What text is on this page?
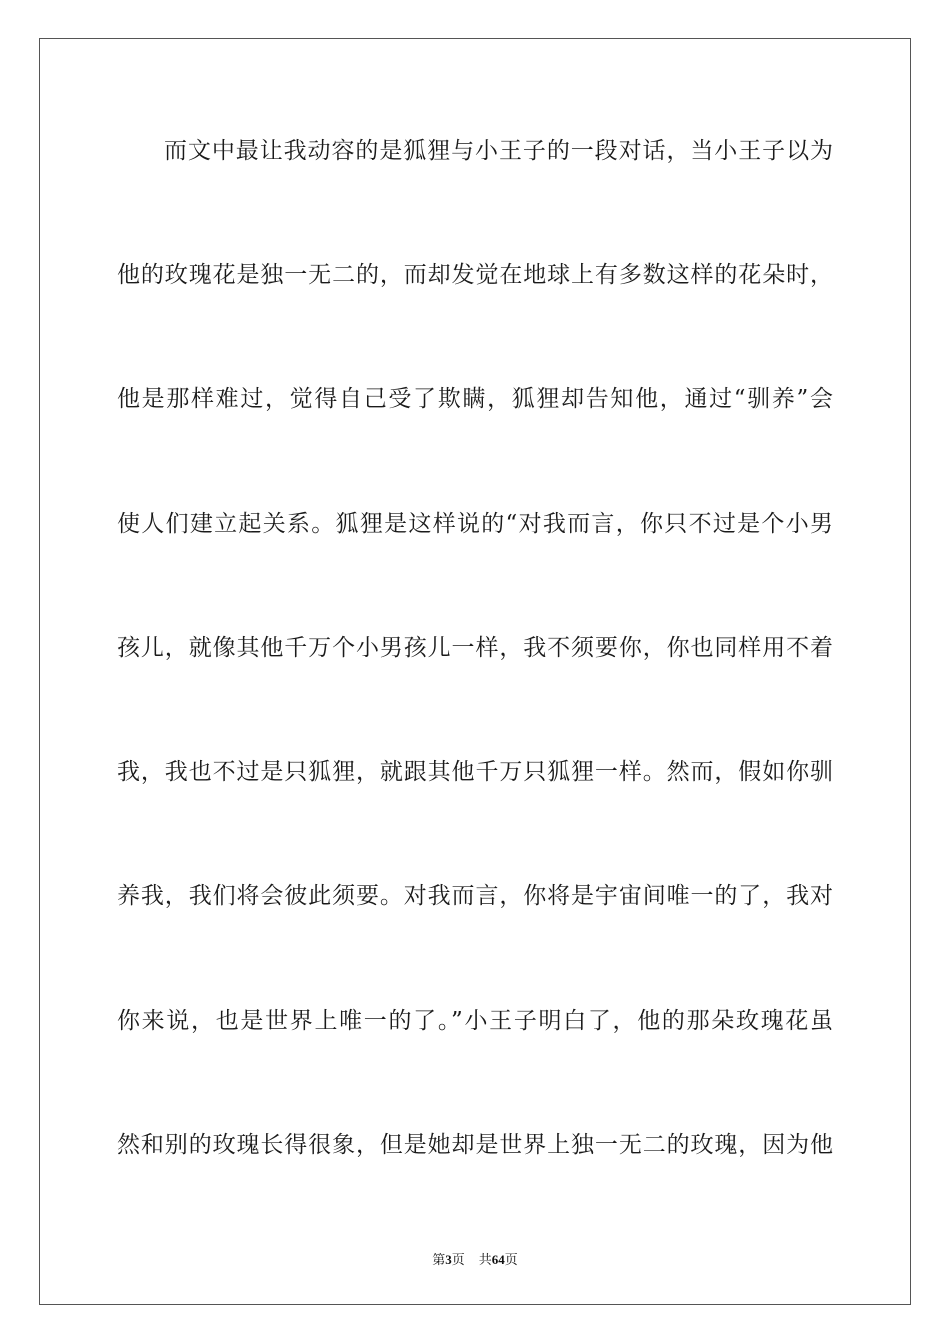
而文中最让我动容的是狐狸与小王子的一段对话，当小王子以为
他的玫瑰花是独一无二的，而却发觉在地球上有多数这样的花朵时，
他是那样难过，觉得自己受了欺瞒，狐狸却告知他，通过“驯养”会
使人们建立起关系。狐狸是这样说的“对我而言，你只不过是个小男
孩儿，就像其他千万个小男孩儿一样，我不须要你，你也同样用不着
我，我也不过是只狐狸，就跟其他千万只狐狸一样。然而，假如你驯
养我，我们将会彼此须要。对我而言，你将是宇宙间唯一的了，我对
你来说，也是世界上唯一的了。”小王子明白了，他的那朵玫瑰花虽
然和别的玫瑰长得很象，但是她却是世界上独一无二的玫瑰，因为他
第3页 共64页
